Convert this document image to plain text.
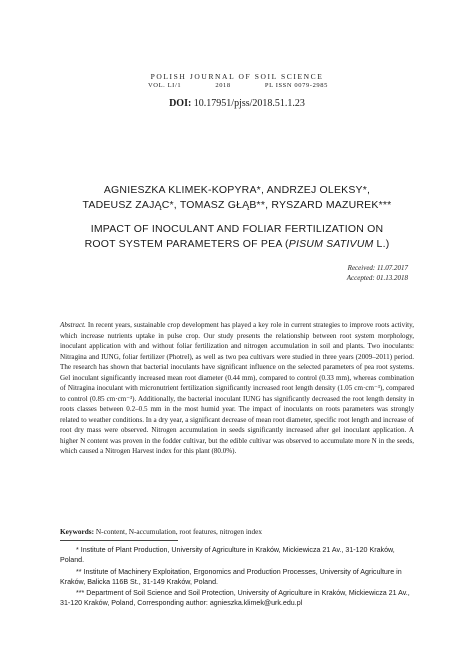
POLISH JOURNAL OF SOIL SCIENCE
VOL. LI/1	2018	PL ISSN 0079-2985
DOI: 10.17951/pjss/2018.51.1.23
AGNIESZKA KLIMEK-KOPYRA*, ANDRZEJ OLEKSY*,
TADEUSZ ZAJĄC*, TOMASZ GŁĄB**, RYSZARD MAZUREK***
IMPACT OF INOCULANT AND FOLIAR FERTILIZATION ON
ROOT SYSTEM PARAMETERS OF PEA (PISUM SATIVUM L.)
Received: 11.07.2017
Accepted: 01.13.2018

Abstract. In recent years, sustainable crop development has played a key role in current strategies to improve roots activity, which increase nutrients uptake in pulse crop. Our study presents the relationship between root system morphology, inoculant application with and without foliar fertilization and nitrogen accumulation in soil and plants. Two inoculants: Nitragina and IUNG, foliar fertilizer (Photrel), as well as two pea cultivars were studied in three years (2009–2011) period. The research has shown that bacterial inoculants have significant influence on the selected parameters of pea root systems. Gel inoculant significantly increased mean root diameter (0.44 mm), compared to control (0.33 mm), whereas combination of Nitragina inoculant with micronutrient fertilization significantly increased root length density (1.05 cm·cm⁻³), compared to control (0.85 cm·cm⁻³). Additionally, the bacterial inoculant IUNG has significantly decreased the root length density in roots classes between 0.2–0.5 mm in the most humid year. The impact of inoculants on roots parameters was strongly related to weather conditions. In a dry year, a significant decrease of mean root diameter, specific root length and increase of root dry mass were observed. Nitrogen accumulation in seeds significantly increased after gel inoculant application. A higher N content was proven in the fodder cultivar, but the edible cultivar was observed to accumulate more N in the seeds, which caused a Nitrogen Harvest index for this plant (80.0%).

Keywords: N-content, N-accumulation, root features, nitrogen index

* Institute of Plant Production, University of Agriculture in Kraków, Mickiewicza 21 Av., 31-120 Kraków, Poland.

** Institute of Machinery Exploitation, Ergonomics and Production Processes, University of Agriculture in Kraków, Balicka 116B St., 31-149 Kraków, Poland.

*** Department of Soil Science and Soil Protection, University of Agriculture in Kraków, Mickiewicza 21 Av., 31-120 Kraków, Poland, Corresponding author: agnieszka.klimek@urk.edu.pl
